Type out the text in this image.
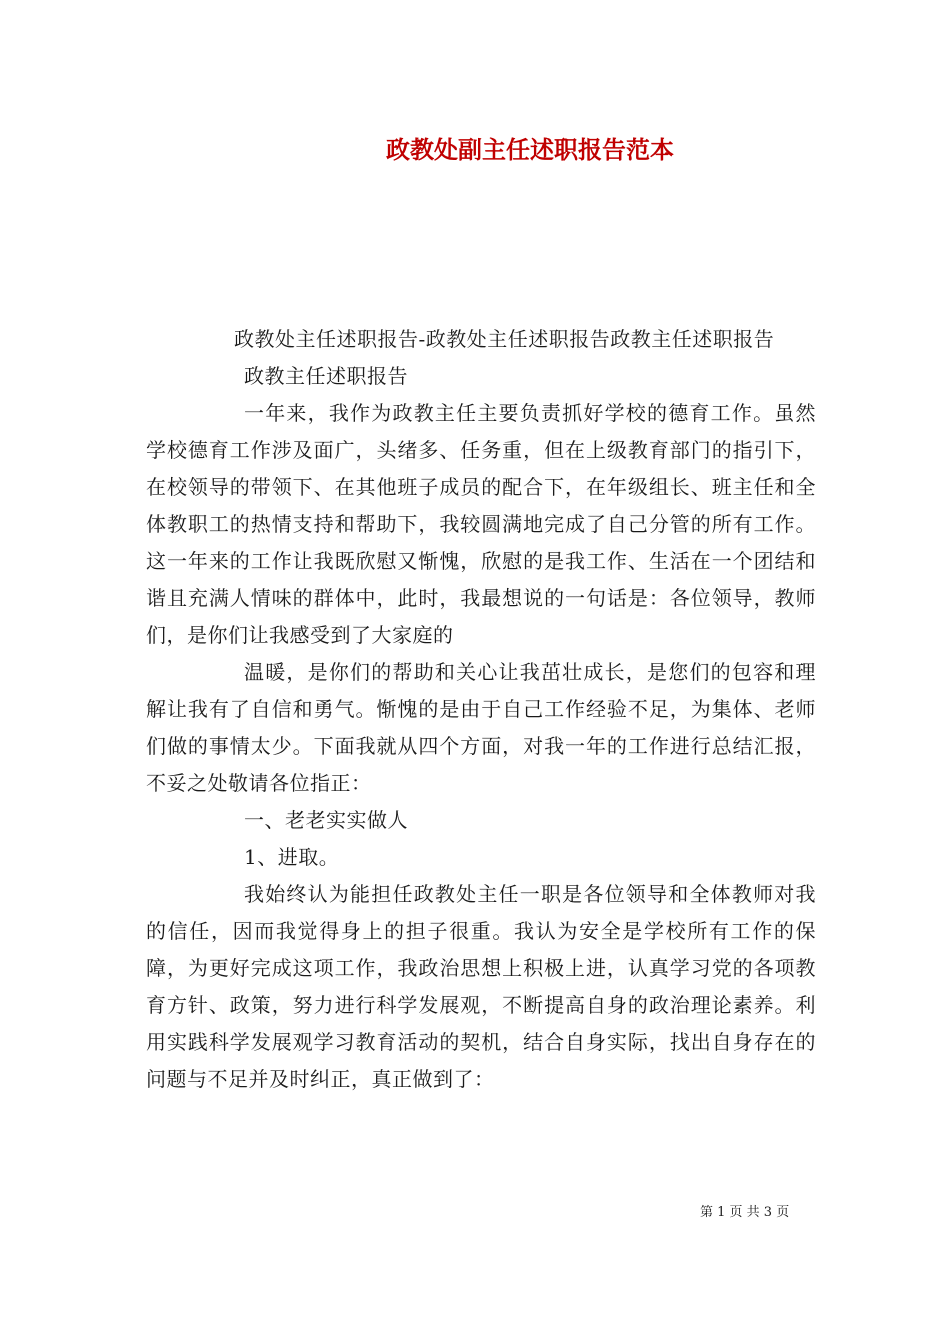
政教处副主任述职报告范本

政教处主任述职报告-政教处主任述职报告政教主任述职报告

政教主任述职报告

一年来，我作为政教主任主要负责抓好学校的德育工作。虽然学校德育工作涉及面广，头绪多、任务重，但在上级教育部门的指引下，在校领导的带领下、在其他班子成员的配合下，在年级组长、班主任和全体教职工的热情支持和帮助下，我较圆满地完成了自己分管的所有工作。这一年来的工作让我既欣慰又惭愧，欣慰的是我工作、生活在一个团结和谐且充满人情味的群体中，此时，我最想说的一句话是：各位领导，教师们，是你们让我感受到了大家庭的

温暖，是你们的帮助和关心让我茁壮成长，是您们的包容和理解让我有了自信和勇气。惭愧的是由于自己工作经验不足，为集体、老师们做的事情太少。下面我就从四个方面，对我一年的工作进行总结汇报，不妥之处敬请各位指正：

一、老老实实做人

1、进取。

我始终认为能担任政教处主任一职是各位领导和全体教师对我的信任，因而我觉得身上的担子很重。我认为安全是学校所有工作的保障，为更好完成这项工作，我政治思想上积极上进，认真学习党的各项教育方针、政策，努力进行科学发展观，不断提高自身的政治理论素养。利用实践科学发展观学习教育活动的契机，结合自身实际，找出自身存在的问题与不足并及时纠正，真正做到了：

第 1 页 共 3 页
